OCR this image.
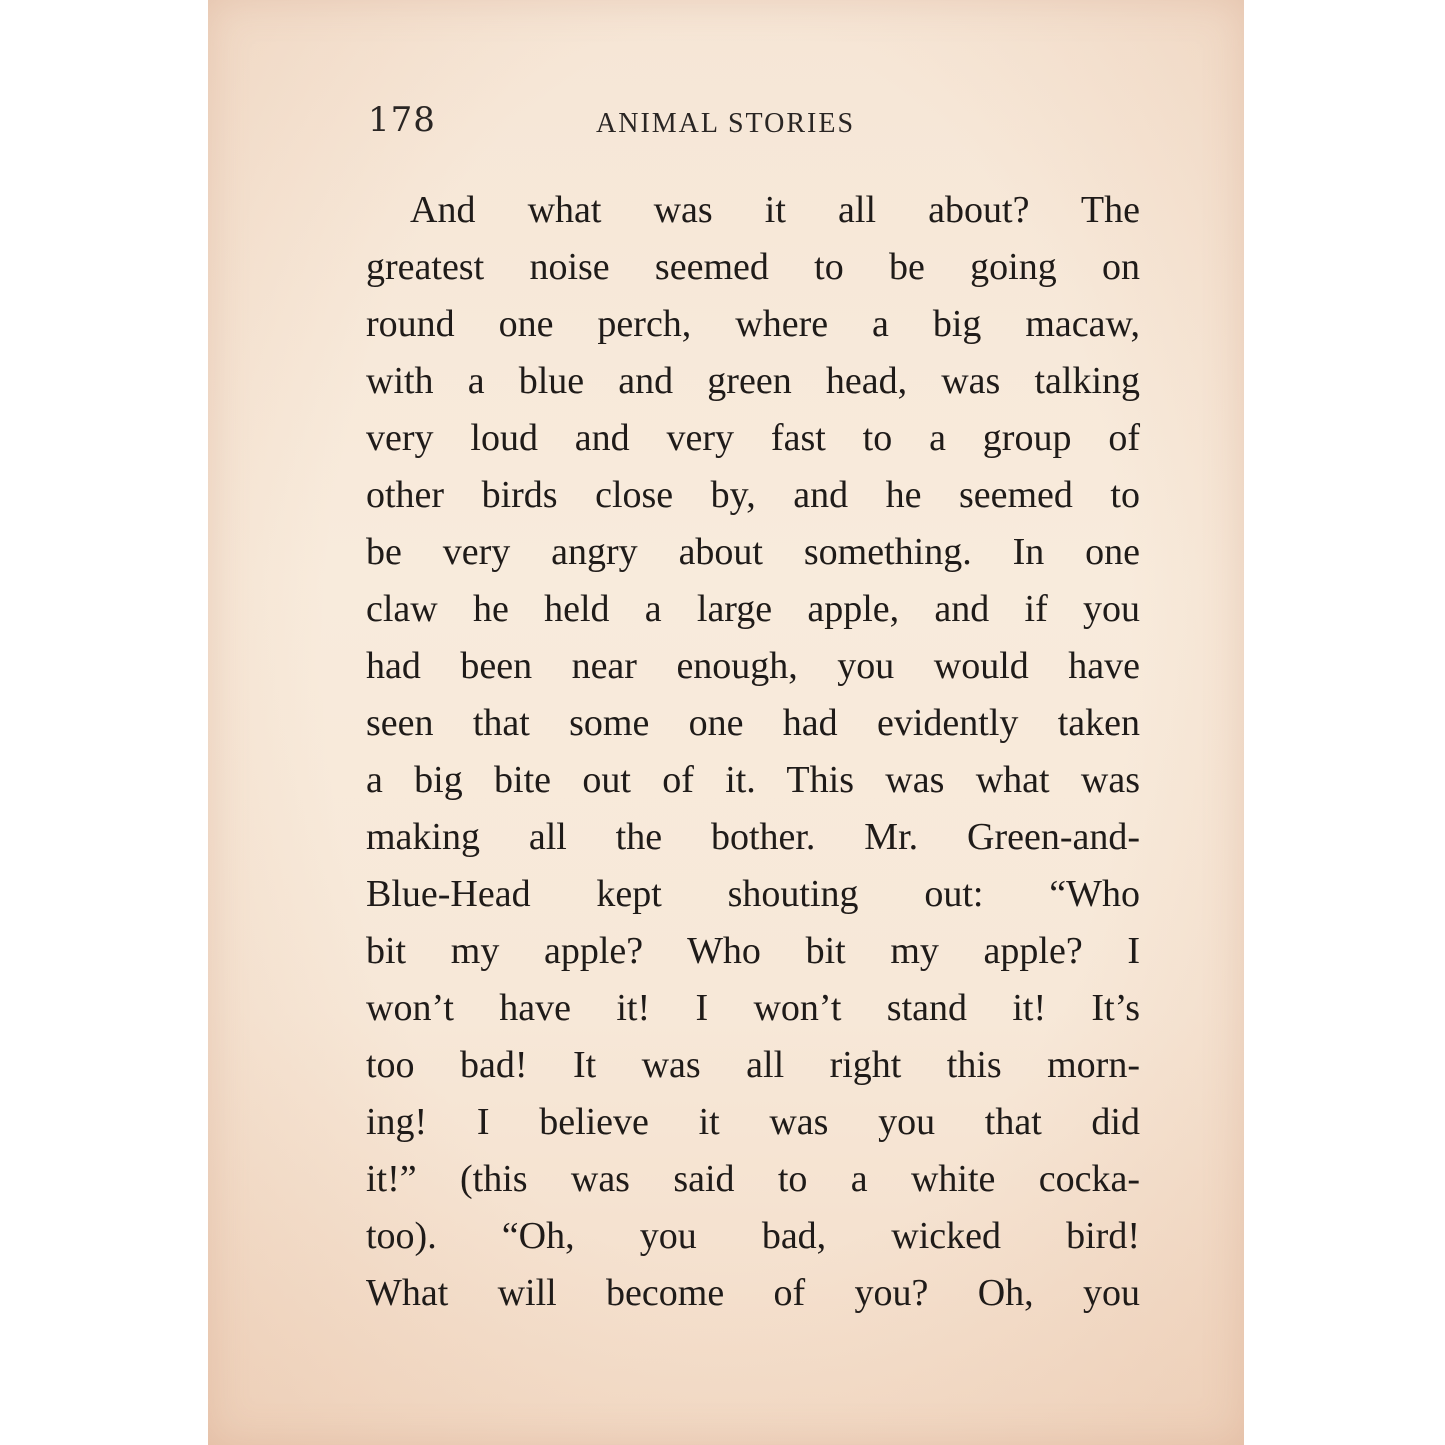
178	ANIMAL STORIES
And what was it all about? The
greatest noise seemed to be going on
round one perch, where a big macaw,
with a blue and green head, was talking
very loud and very fast to a group of
other birds close by, and he seemed to
be very angry about something. In one
claw he held a large apple, and if you
had been near enough, you would have
seen that some one had evidently taken
a big bite out of it. This was what was
making all the bother. Mr. Green-and-
Blue-Head kept shouting out: “Who
bit my apple? Who bit my apple? I
won’t have it! I won’t stand it! It’s
too bad! It was all right this morn-
ing! I believe it was you that did
it!” (this was said to a white cocka-
too). “Oh, you bad, wicked bird!
What will become of you? Oh, you
